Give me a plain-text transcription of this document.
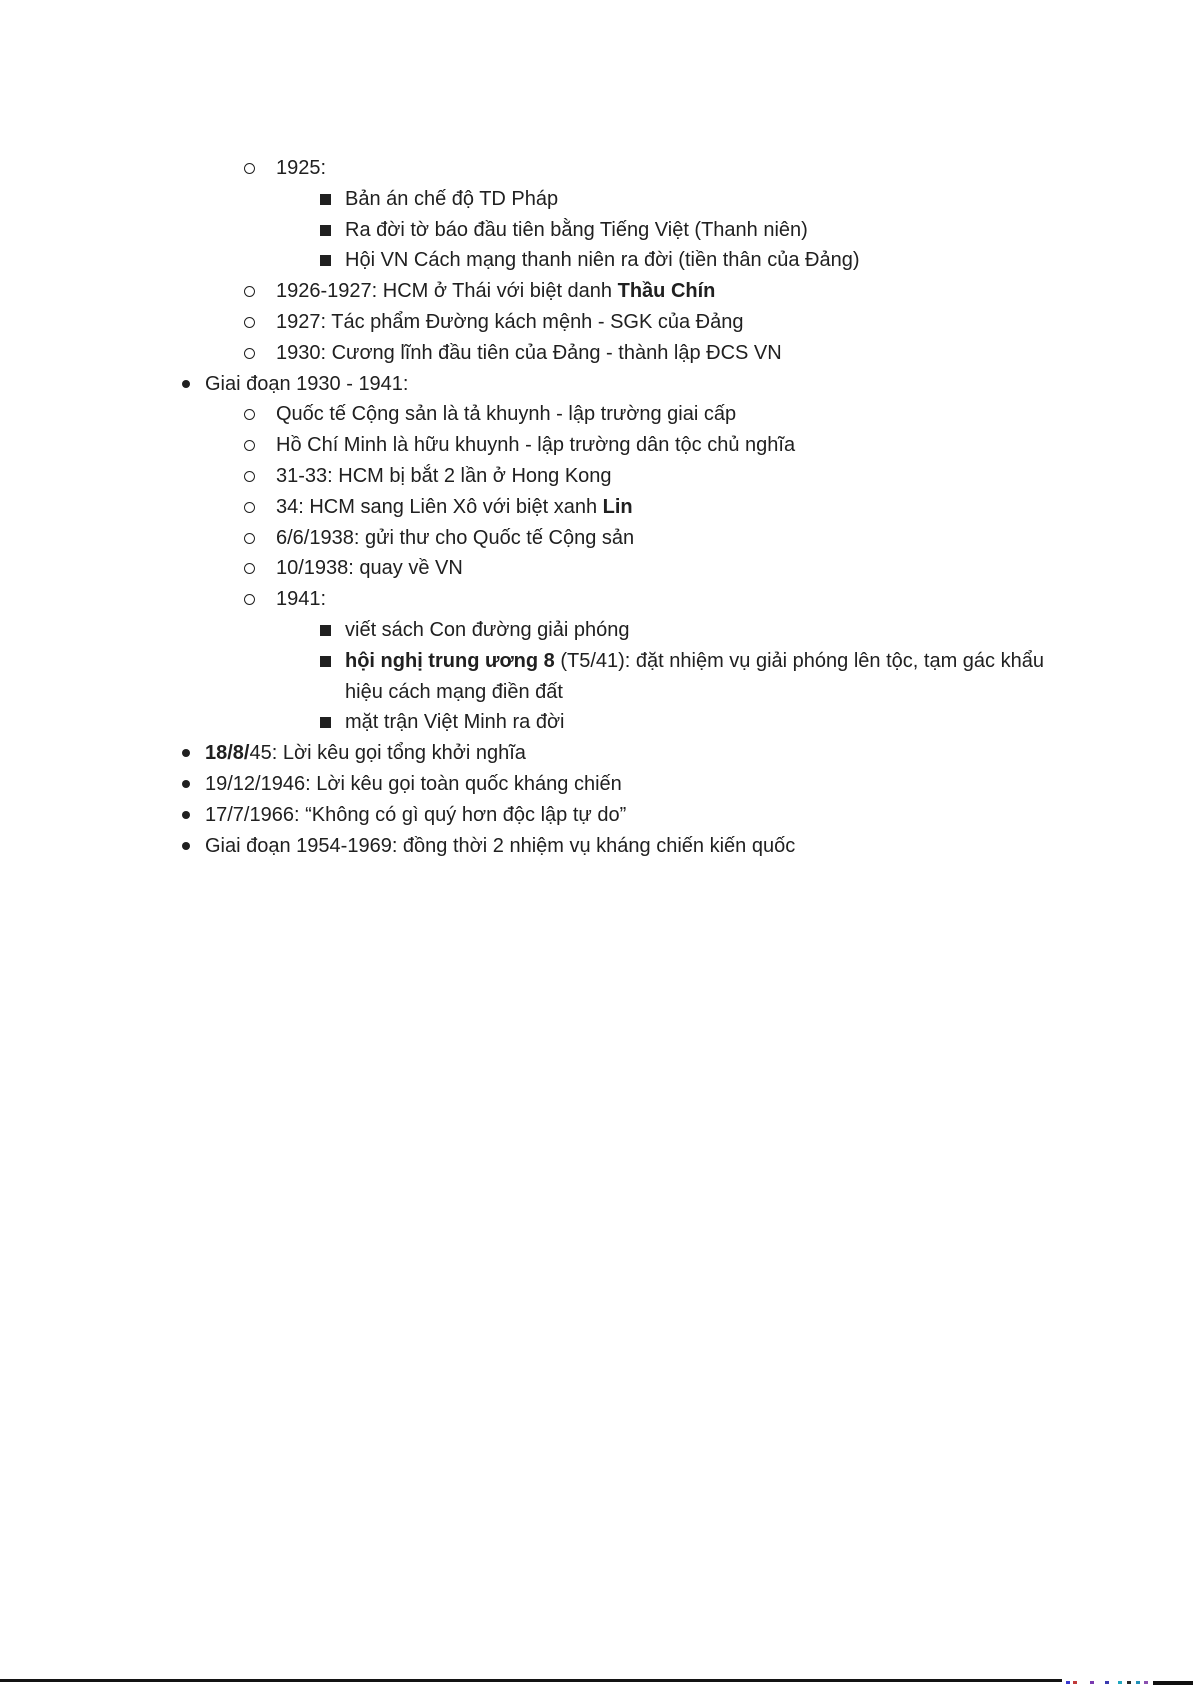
1925:
Bản án chế độ TD Pháp
Ra đời tờ báo đầu tiên bằng Tiếng Việt (Thanh niên)
Hội VN Cách mạng thanh niên ra đời (tiền thân của Đảng)
1926-1927: HCM ở Thái với biệt danh Thầu Chín
1927: Tác phẩm Đường kách mệnh - SGK của Đảng
1930: Cương lĩnh đầu tiên của Đảng - thành lập ĐCS VN
Giai đoạn 1930 - 1941:
Quốc tế Cộng sản là tả khuynh - lập trường giai cấp
Hồ Chí Minh là hữu khuynh - lập trường dân tộc chủ nghĩa
31-33: HCM bị bắt 2 lần ở Hong Kong
34: HCM sang Liên Xô với biệt xanh Lin
6/6/1938: gửi thư cho Quốc tế Cộng sản
10/1938: quay về VN
1941:
viết sách Con đường giải phóng
hội nghị trung ương 8 (T5/41): đặt nhiệm vụ giải phóng lên tộc, tạm gác khẩu hiệu cách mạng điền đất
mặt trận Việt Minh ra đời
18/8/45: Lời kêu gọi tổng khởi nghĩa
19/12/1946: Lời kêu gọi toàn quốc kháng chiến
17/7/1966: “Không có gì quý hơn độc lập tự do”
Giai đoạn 1954-1969: đồng thời 2 nhiệm vụ kháng chiến kiến quốc
